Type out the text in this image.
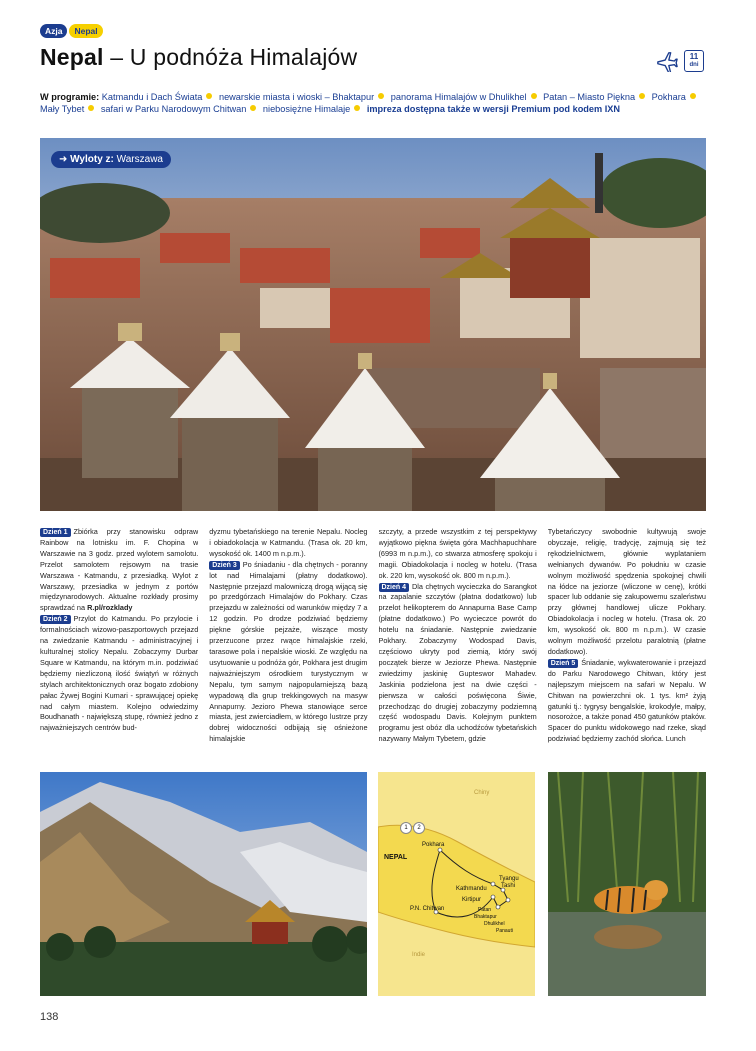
Azja	Nepal
Nepal – U podnóża Himalajów	11
dni
W programie: Katmandu i Dach Świata newarskie miasta i wioski – Bhaktapur panorama Himalajów w Dhulikhel Patan – Miasto Piękna Pokhara Mały Tybet safari w Parku Narodowym Chitwan niebosiężne Himalaje impreza dostępna także w wersji Premium pod kodem IXN
➜ Wyloty z: Warszawa

Dzień 1 Zbiórka przy stanowisku odpraw Rainbow na lotnisku im. F. Chopina w Warszawie na 3 godz. przed wylotem samolotu. Przelot samolotem rejsowym na trasie Warszawa - Katmandu, z przesiadką. Wylot z Warszawy, przesiadka w jednym z portów międzynarodowych. Aktualne rozkłady prosimy sprawdzać na R.pl/rozklady

Dzień 2 Przylot do Katmandu. Po przylocie i formalnościach wizowo-paszportowych przejazd na zwiedzanie Katmandu - administracyjnej i kulturalnej stolicy Nepalu. Zobaczymy Durbar Square w Katmandu, na którym m.in. podziwiać będziemy niezliczoną ilość świątyń w różnych stylach architektonicznych oraz bogato zdobiony pałac Żywej Bogini Kumari - sprawującej opiekę nad całym miastem. Kolejno odwiedzimy Boudhanath - największą stupę, również jedno z najważniejszych centrów bud-

dyzmu tybetańskiego na terenie Nepalu. Nocleg i obiadokolacja w Katmandu. (Trasa ok. 20 km, wysokość ok. 1400 m n.p.m.).

Dzień 3 Po śniadaniu - dla chętnych - poranny lot nad Himalajami (płatny dodatkowo). Następnie przejazd malowniczą drogą wijącą się po przedgórzach Himalajów do Pokhary. Czas przejazdu w zależności od warunków między 7 a 12 godzin. Po drodze podziwiać będziemy piękne górskie pejzaże, wiszące mosty przerzucone przez rwące himalajskie rzeki, tarasowe pola i nepalskie wioski. Ze względu na usytuowanie u podnóża gór, Pokhara jest drugim najważniejszym ośrodkiem turystycznym w Nepalu, tym samym najpopularniejszą bazą wypadową dla grup trekkingowych na masyw Annapurny. Jezioro Phewa stanowiące serce miasta, jest zwierciadłem, w którego lustrze przy dobrej widoczności odbijają się ośnieżone himalajskie

szczyty, a przede wszystkim z tej perspektywy wyjątkowo piękna święta góra Machhapuchhare (6993 m n.p.m.), co stwarza atmosferę spokoju i magii. Obiadokolacja i nocleg w hotelu. (Trasa ok. 220 km, wysokość ok. 800 m n.p.m.).

Dzień 4 Dla chętnych wycieczka do Sarangkot na zapalanie szczytów (płatna dodatkowo) lub przelot helikopterem do Annapurna Base Camp (płatne dodatkowo.) Po wycieczce powrót do hotelu na śniadanie. Następnie zwiedzanie Pokhary. Zobaczymy Wodospad Davis, częściowo ukryty pod ziemią, który swój początek bierze w Jeziorze Phewa. Następnie zwiedzimy jaskinię Gupteswor Mahadev. Jaskinia podzielona jest na dwie części - pierwsza w całości poświęcona Śiwie, przechodząc do drugiej zobaczymy podziemną część wodospadu Davis. Kolejnym punktem programu jest obóz dla uchodźców tybetańskich nazywany Małym Tybetem, gdzie

Tybetańczycy swobodnie kultywują swoje obyczaje, religię, tradycję, zajmują się też rękodzielnictwem, głównie wyplataniem wełnianych dywanów. Po południu w czasie wolnym możliwość spędzenia spokojnej chwili na łódce na jeziorze (wliczone w cenę), krótki spacer lub oddanie się zakupowemu szaleństwu przy głównej handlowej ulicze Pokhary. Obiadokolacja i nocleg w hotelu. (Trasa ok. 20 km, wysokość ok. 800 m n.p.m.). W czasie wolnym możliwość przelotu paralotnią (płatne dodatkowo).

Dzień 5 Śniadanie, wykwaterowanie i przejazd do Parku Narodowego Chitwan, który jest najlepszym miejscem na safari w Nepalu. W Chitwan na powierzchni ok. 1 tys. km² żyją gatunki tj.: tygrysy bengalskie, krokodyle, małpy, nosorożce, a także ponad 450 gatunków ptaków. Spacer do punktu widokowego nad rzeke, skąd podziwiać będziemy zachód słońca. Lunch

1	2
Chiny
NEPAL
Pokhara
Kathmandu
Tyangu
Tashi
Kirtipur
P.N. Chitwan	Patan
Bhaktapur
Dhulikhel
Panauti
Indie
138
